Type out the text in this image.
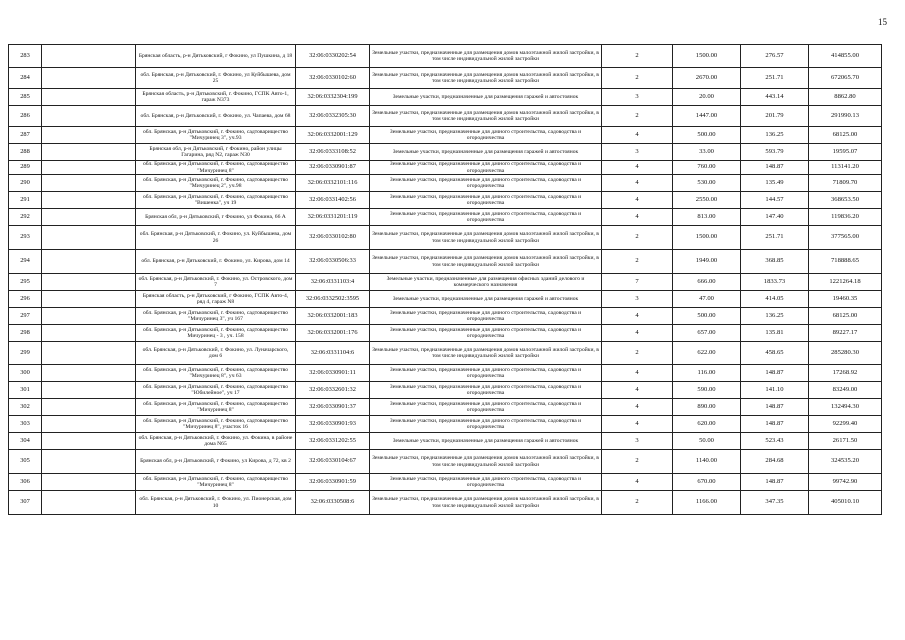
15
283		Брянская область, р-н Дятьковский, г Фокино, ул Пушкина, д 18	32:06:0330202:54	Земельные участки, предназначенные для размещения домов малоэтажной жилой застройки, в том числе индивидуальной жилой застройки	2	1500.00	276.57	414855.00
284		обл. Брянская, р-н Дятьковский, г. Фокино, ул Куйбышева, дом 25	32:06:0330102:60	Земельные участки, предназначенные для размещения домов малоэтажной жилой застройки, в том числе индивидуальной жилой застройки	2	2670.00	251.71	672065.70
285		Брянская область, р-н Дятьковский, г. Фокино, ГСПК Авто-1, гараж N373	32:06:0332304:199	Земельные участки, предназначенные для размещения гаражей и автостоянок	3	20.00	443.14	8862.80
286		обл. Брянская, р-н Дятьковский, г. Фокино, ул. Чапаева, дом 68	32:06:0332305:30	Земельные участки, предназначенные для размещения домов малоэтажной жилой застройки, в том числе индивидуальной жилой застройки	2	1447.00	201.79	291990.13
287		обл. Брянская, р-н Дятьковский, г. Фокино, садтоварищество "Мичуринец 3", уч.93	32:06:0332001:129	Земельные участки, предназначенные для дачного строительства, садоводства и огородничества	4	500.00	136.25	68125.00
288		Брянская обл, р-н Дятьковский, г Фокино, район улицы Гагарина, ряд N2, гараж N30	32:06:0333108:52	Земельные участки, предназначенные для размещения гаражей и автостоянок	3	33.00	593.79	19595.07
289		обл. Брянская, р-н Дятьковский, г. Фокино, садтоварищество "Мичуринец 8"	32:06:0330901:87	Земельные участки, предназначенные для дачного строительства, садоводства и огородничества	4	760.00	148.87	113141.20
290		обл. Брянская, р-н Дятьковский, г. Фокино, садтоварищество "Мичуринец 2", уч.98	32:06:0332101:116	Земельные участки, предназначенные для дачного строительства, садоводства и огородничества	4	530.00	135.49	71809.70
291		обл. Брянская, р-н Дятьковский, г. Фокино, садтоварищество "Вишенка", уч 19	32:06:0331402:56	Земельные участки, предназначенные для дачного строительства, садоводства и огородничества	4	2550.00	144.57	368653.50
292		Брянская обл, р-н Дятьковский, г Фокино, ул Фокина, 66 А	32:06:0331201:119	Земельные участки, предназначенные для дачного строительства, садоводства и огородничества	4	813.00	147.40	119836.20
293		обл. Брянская, р-н Дятьковский, г. Фокино, ул. Куйбышева, дом 26	32:06:0330102:80	Земельные участки, предназначенные для размещения домов малоэтажной жилой застройки, в том числе индивидуальной жилой застройки	2	1500.00	251.71	377565.00
294		обл. Брянская, р-н Дятьковский, г. Фокино, ул. Кирова, дом 14	32:06:0330506:33	Земельные участки, предназначенные для размещения домов малоэтажной жилой застройки, в том числе индивидуальной жилой застройки	2	1949.00	368.85	718888.65
295		обл. Брянская, р-н Дятьковский, г. Фокино, ул. Островского, дом 7	32:06:0331103:4	Земельные участки, предназначенные для размещения офисных зданий делового и коммерческого назначения	7	666.00	1833.73	1221264.18
296		Брянская область, р-н Дятьковский, г Фокино, ГСПК Авто-4, ряд 4, гараж N8	32:06:0332502:3595	Земельные участки, предназначенные для размещения гаражей и автостоянок	3	47.00	414.05	19460.35
297		обл. Брянская, р-н Дятьковский, г. Фокино, садтоварищество "Мичуринец 3", уч 167	32:06:0332001:183	Земельные участки, предназначенные для дачного строительства, садоводства и огородничества	4	500.00	136.25	68125.00
298		обл. Брянская, р-н Дятьковский, г. Фокино, садтоварищество Мичуринец - 3 , уч. 158	32:06:0332001:176	Земельные участки, предназначенные для дачного строительства, садоводства и огородничества	4	657.00	135.81	89227.17
299		обл. Брянская, р-н Дятьковский, г. Фокино, ул. Луначарского, дом 6	32:06:0331104:6	Земельные участки, предназначенные для размещения домов малоэтажной жилой застройки, в том числе индивидуальной жилой застройки	2	622.00	458.65	285280.30
300		обл. Брянская, р-н Дятьковский, г. Фокино, садтоварищество "Мичуринец 8", уч 63	32:06:0330901:11	Земельные участки, предназначенные для дачного строительства, садоводства и огородничества	4	116.00	148.87	17268.92
301		обл. Брянская, р-н Дятьковский, г. Фокино, садтоварищество "Юбилейное", уч 17	32:06:0332601:32	Земельные участки, предназначенные для дачного строительства, садоводства и огородничества	4	590.00	141.10	83249.00
302		обл. Брянская, р-н Дятьковский, г. Фокино, садтоварищество "Мичуринец 8"	32:06:0330901:37	Земельные участки, предназначенные для дачного строительства, садоводства и огородничества	4	890.00	148.87	132494.30
303		обл. Брянская, р-н Дятьковский, г. Фокино, садтоварищество "Мичуринец 8", участок 16	32:06:0330901:93	Земельные участки, предназначенные для дачного строительства, садоводства и огородничества	4	620.00	148.87	92299.40
304		обл. Брянская, р-н Дятьковский, г. Фокино, ул. Фокина, в районе дома N65	32:06:0331202:55	Земельные участки, предназначенные для размещения гаражей и автостоянок	3	50.00	523.43	26171.50
305		Брянская обл, р-н Дятьковский, г Фокино, ул Кирова, д 72, кв 2	32:06:0330104:67	Земельные участки, предназначенные для размещения домов малоэтажной жилой застройки, в том числе индивидуальной жилой застройки	2	1140.00	284.68	324535.20
306		обл. Брянская, р-н Дятьковский, г. Фокино, садтоварищество "Мичуринец 8"	32:06:0330901:59	Земельные участки, предназначенные для дачного строительства, садоводства и огородничества	4	670.00	148.87	99742.90
307		обл. Брянская, р-н Дятьковский, г. Фокино, ул. Пионерская, дом 10	32:06:0330508:6	Земельные участки, предназначенные для размещения домов малоэтажной жилой застройки, в том числе индивидуальной жилой застройки	2	1166.00	347.35	405010.10
